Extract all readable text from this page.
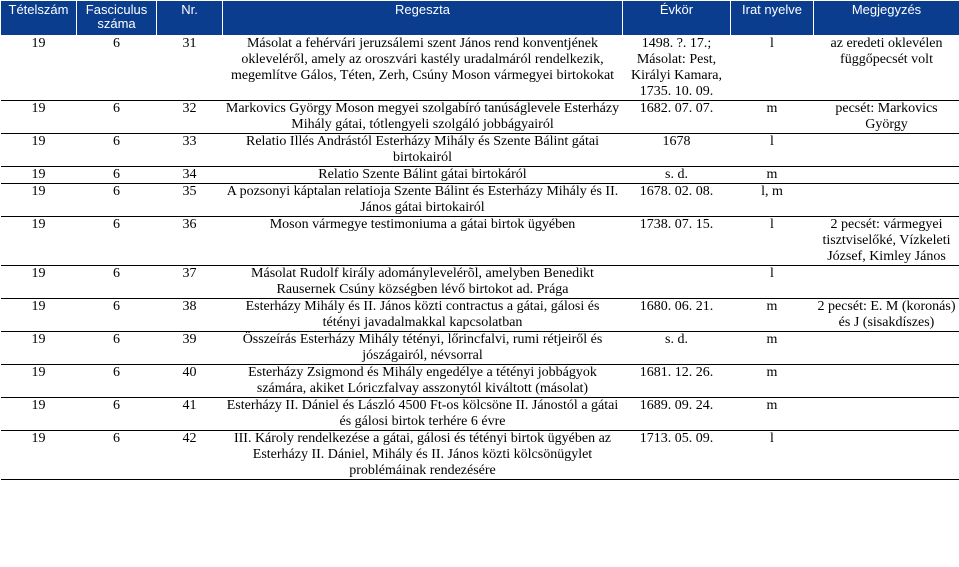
Tételszám	Fasciculus száma	Nr.	Regeszta	Évkör	Irat nyelve	Megjegyzés
19	6	31	Másolat a fehérvári jeruzsálemi szent János rend konventjének okleveléről, amely az oroszvári kastély uradalmáról rendelkezik, megemlítve Gálos, Téten, Zerh, Csúny Moson vármegyei birtokokat	1498. ?. 17.; Másolat: Pest, Királyi Kamara, 1735. 10. 09.	l	az eredeti oklevélen függőpecsét volt
19	6	32	Markovics György Moson megyei szolgabíró tanúságlevele Esterházy Mihály gátai, tótlengyeli szolgáló jobbágyairól	1682. 07. 07.	m	pecsét: Markovics György
19	6	33	Relatio Illés Andrástól Esterházy Mihály és Szente Bálint gátai birtokairól	1678	l	
19	6	34	Relatio Szente Bálint gátai birtokáról	s. d.	m	
19	6	35	A pozsonyi káptalan relatioja Szente Bálint és Esterházy Mihály és II. János gátai birtokairól	1678. 02. 08.	l, m	
19	6	36	Moson vármegye testimoniuma a gátai birtok ügyében	1738. 07. 15.	l	2 pecsét: vármegyei tisztviselőké, Vízkeleti József, Kimley János
19	6	37	Másolat Rudolf király adománylevelérõl, amelyben Benedikt Rausernek Csúny községben lévő birtokot ad. Prága		l	
19	6	38	Esterházy Mihály és II. János közti contractus a gátai, gálosi és tétényi javadalmakkal kapcsolatban	1680. 06. 21.	m	2 pecsét: E. M (koronás) és J (sisakdíszes)
19	6	39	Összeírás Esterházy Mihály tétényi, lőrincfalvi, rumi rétjeiről és jószágairól, névsorral	s. d.	m	
19	6	40	Esterházy Zsigmond és Mihály engedélye a tétényi jobbágyok számára, akiket Lóriczfalvay asszonytól kiváltott (másolat)	1681. 12. 26.	m	
19	6	41	Esterházy II. Dániel és László 4500 Ft-os kölcsöne II. Jánostól a gátai és gálosi birtok terhére 6 évre	1689. 09. 24.	m	
19	6	42	III. Károly rendelkezése a gátai, gálosi és tétényi birtok ügyében az Esterházy II. Dániel, Mihály és II. János közti kölcsönügylet problémáinak rendezésére	1713. 05. 09.	l	
